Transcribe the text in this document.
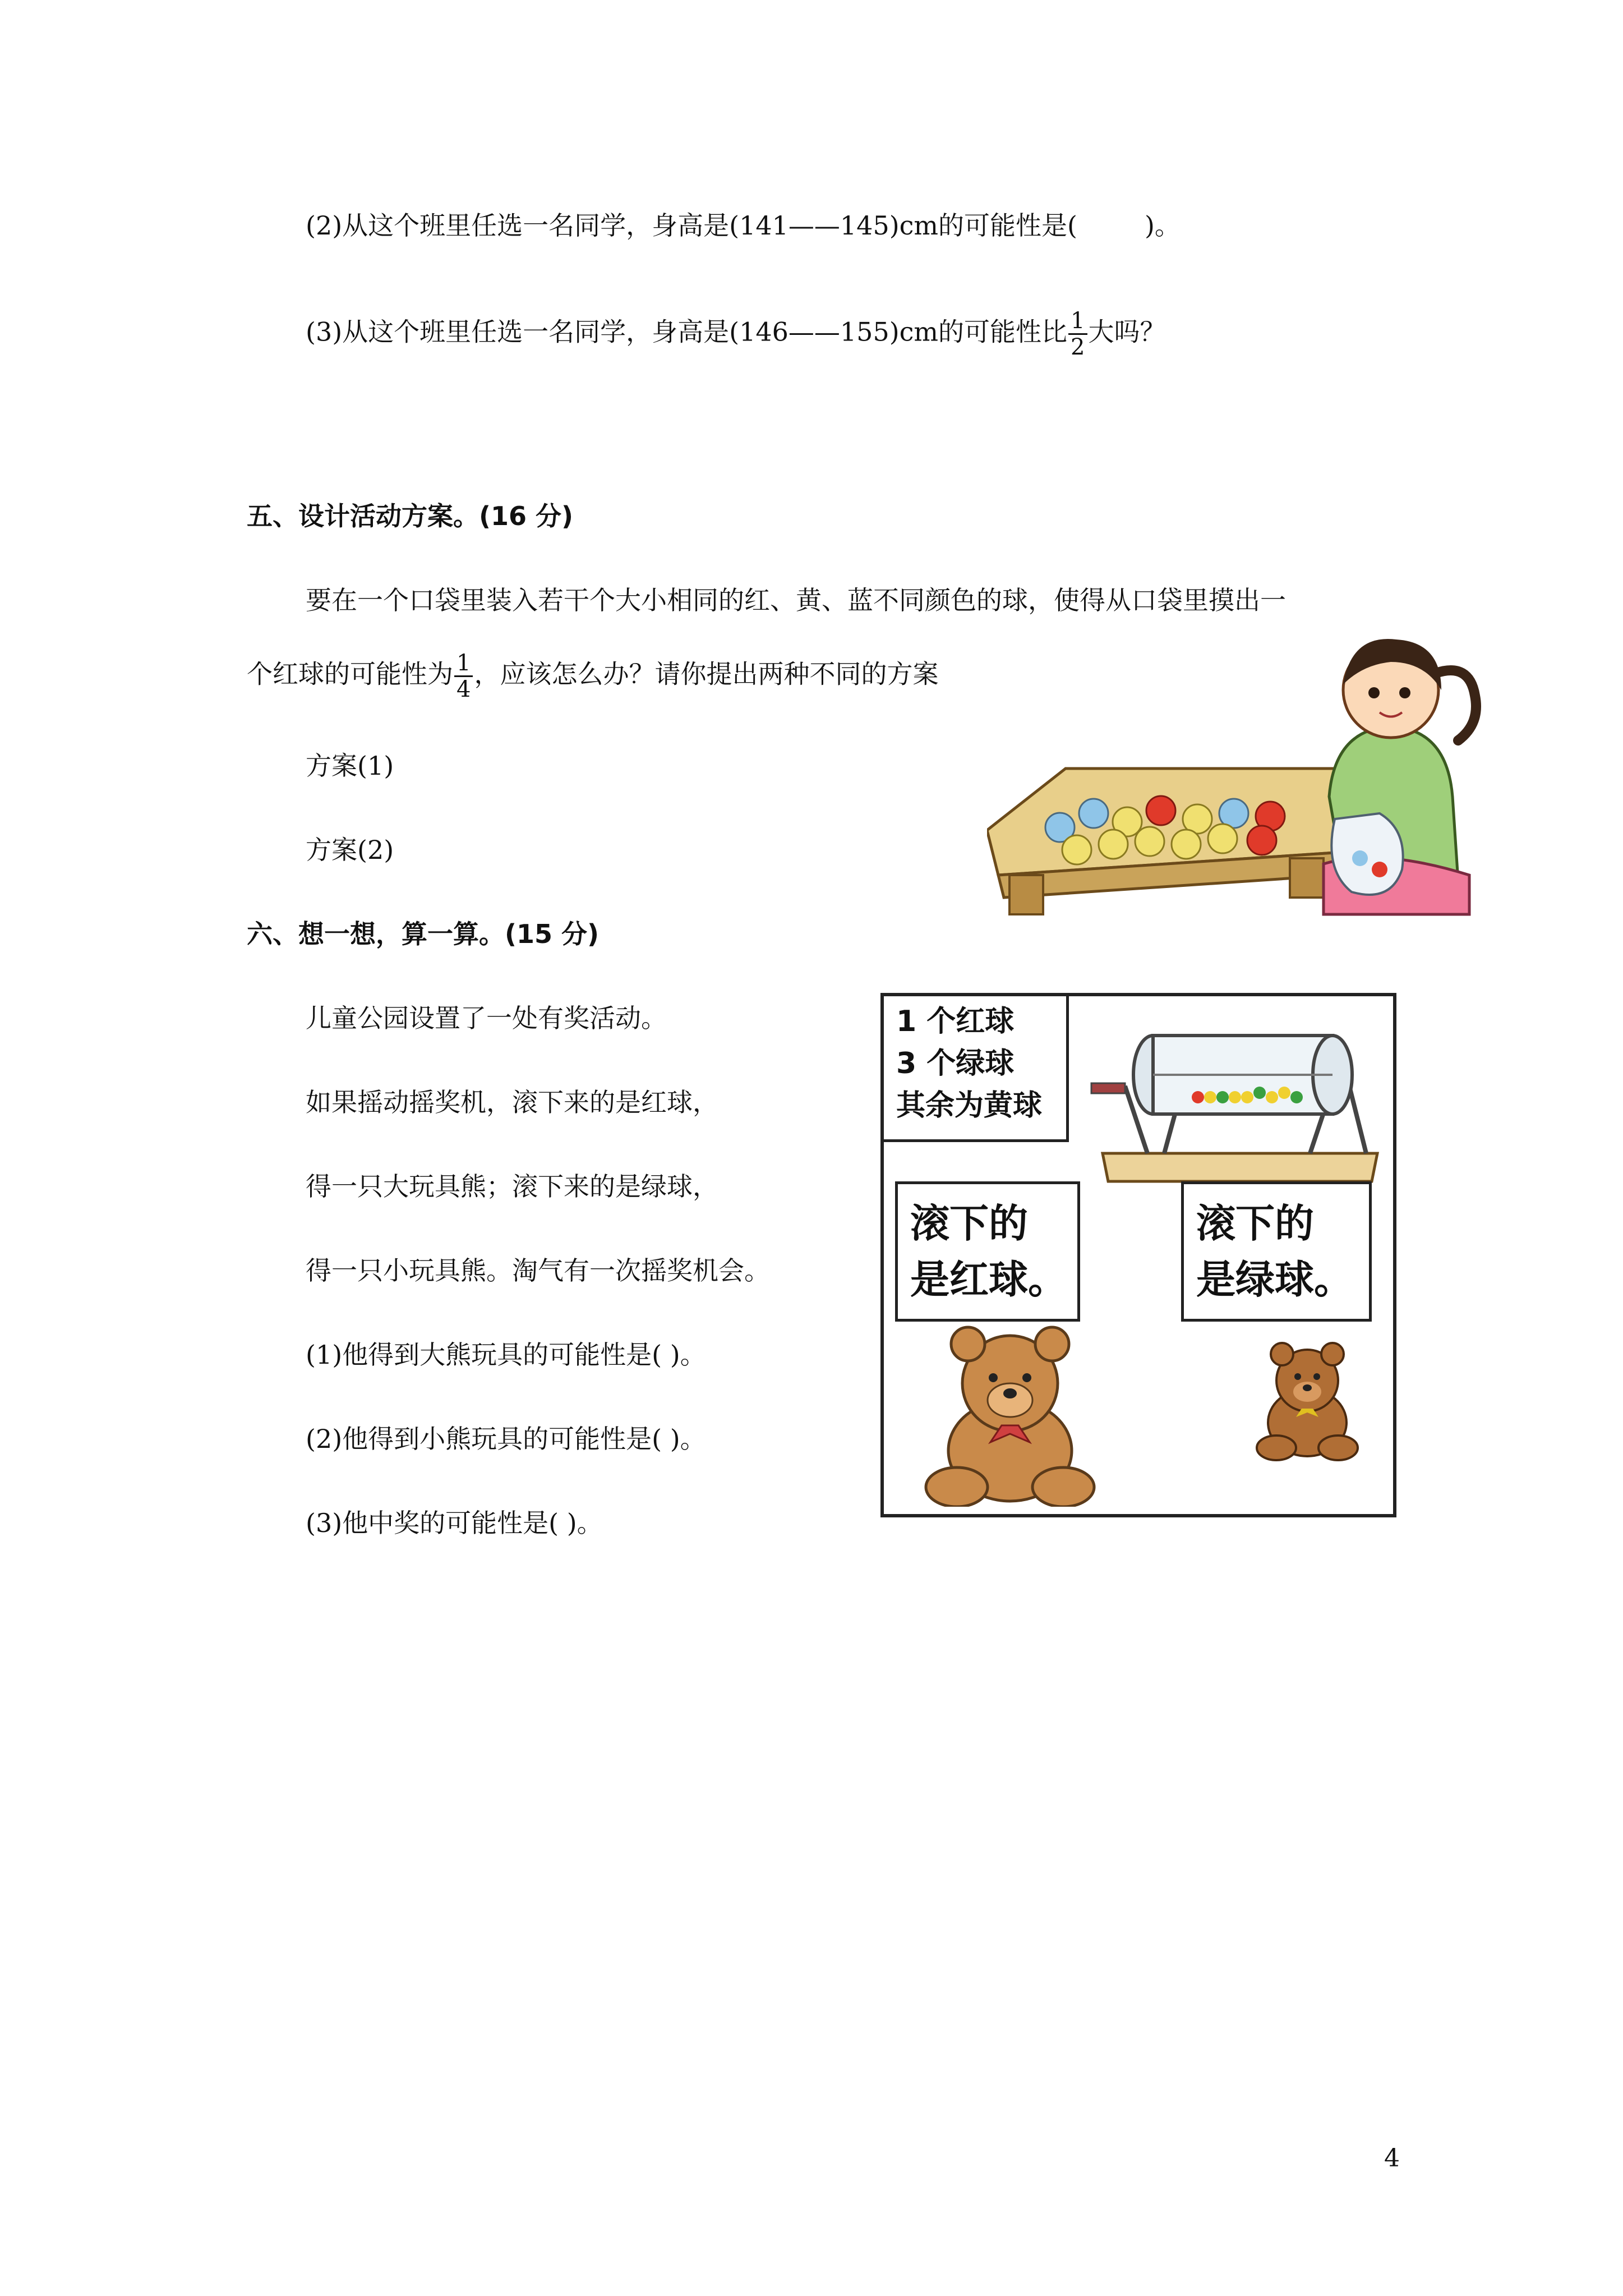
(2)从这个班里任选一名同学，身高是(141——145)cm的可能性是(	)。
(3)从这个班里任选一名同学，身高是(146——155)cm的可能性比 $\frac{1}{2}$ 大吗？
五、设计活动方案。(16 分)
要在一个口袋里装入若干个大小相同的红、黄、蓝不同颜色的球，使得从口袋里摸出一
个红球的可能性为 $\frac{1}{4}$ ，应该怎么办？请你提出两种不同的方案
方案(1)
方案(2)
六、想一想，算一算。(15 分)
儿童公园设置了一处有奖活动。
如果摇动摇奖机，滚下来的是红球，
得一只大玩具熊；滚下来的是绿球，
得一只小玩具熊。淘气有一次摇奖机会。
(1)他得到大熊玩具的可能性是( )。
(2)他得到小熊玩具的可能性是( )。
(3)他中奖的可能性是( )。
1 个红球
3 个绿球
其余为黄球
滚下的
是红球。
滚下的
是绿球。
4
